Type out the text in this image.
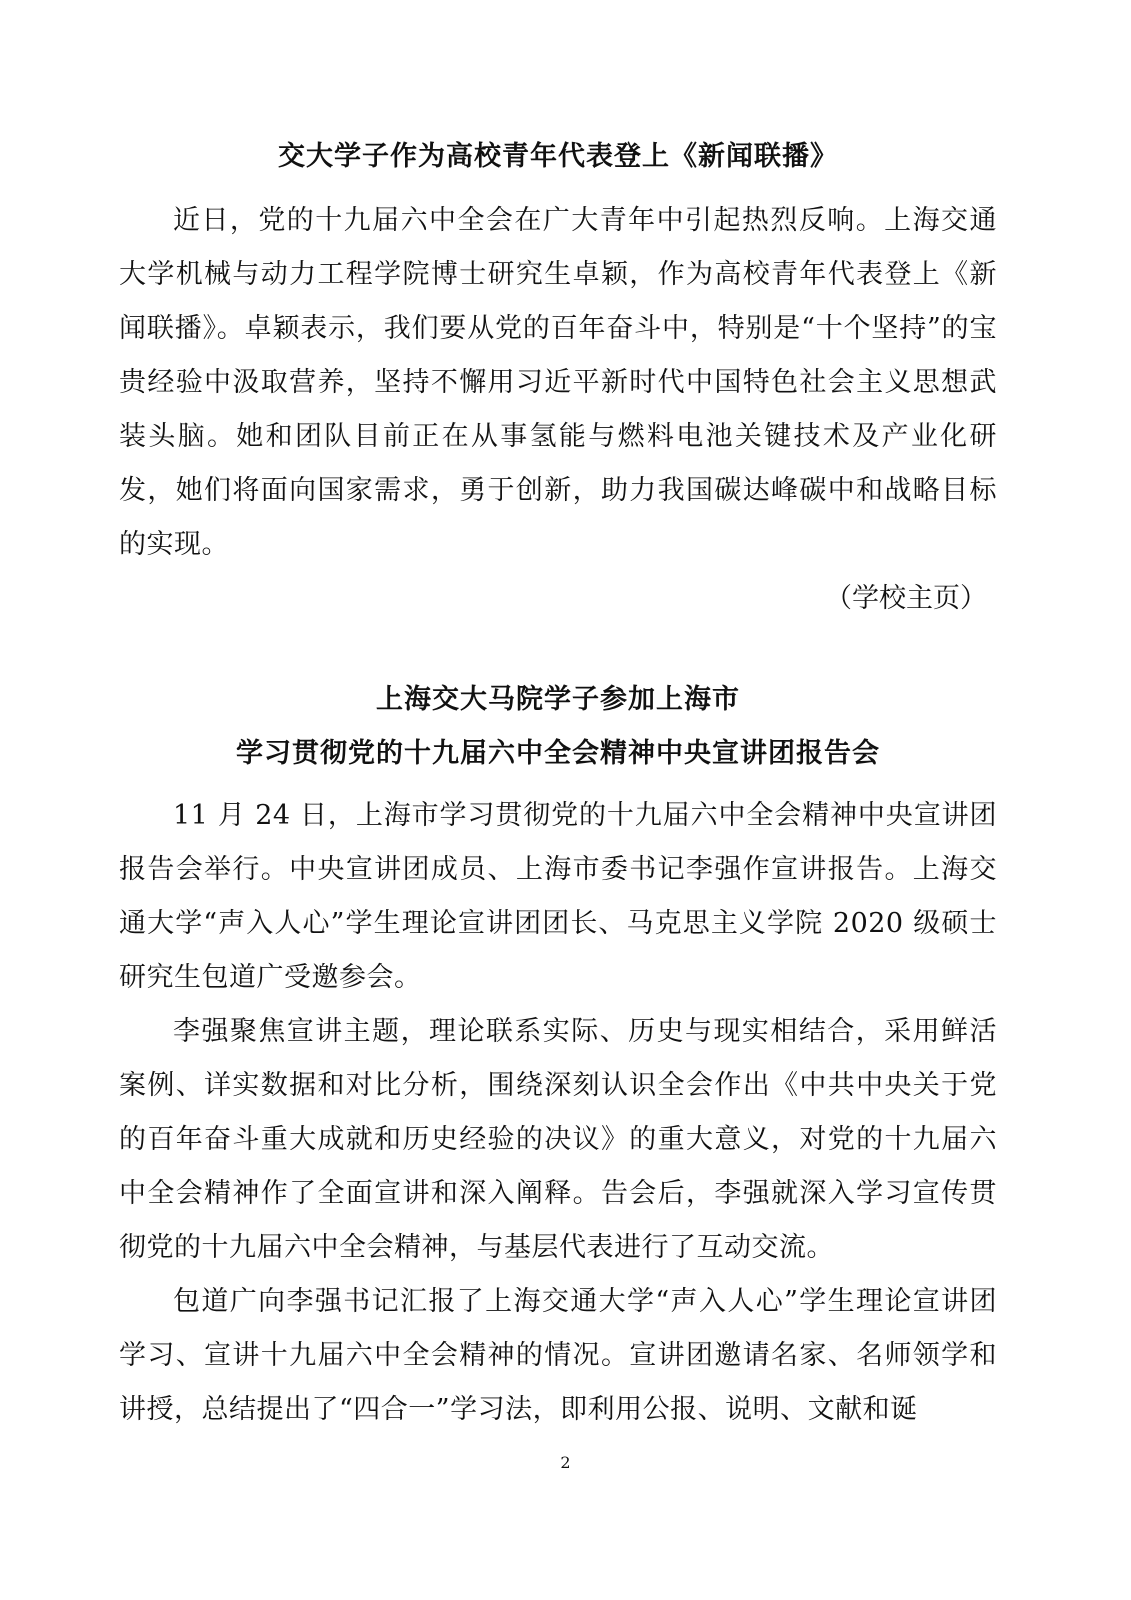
交大学子作为高校青年代表登上《新闻联播》

近日，党的十九届六中全会在广大青年中引起热烈反响。上海交通大学机械与动力工程学院博士研究生卓颖，作为高校青年代表登上《新闻联播》。卓颖表示，我们要从党的百年奋斗中，特别是“十个坚持”的宝贵经验中汲取营养，坚持不懈用习近平新时代中国特色社会主义思想武装头脑。她和团队目前正在从事氢能与燃料电池关键技术及产业化研发，她们将面向国家需求，勇于创新，助力我国碳达峰碳中和战略目标的实现。

（学校主页）

上海交大马院学子参加上海市
学习贯彻党的十九届六中全会精神中央宣讲团报告会

11 月 24 日，上海市学习贯彻党的十九届六中全会精神中央宣讲团报告会举行。中央宣讲团成员、上海市委书记李强作宣讲报告。上海交通大学“声入人心”学生理论宣讲团团长、马克思主义学院 2020 级硕士研究生包道广受邀参会。

李强聚焦宣讲主题，理论联系实际、历史与现实相结合，采用鲜活案例、详实数据和对比分析，围绕深刻认识全会作出《中共中央关于党的百年奋斗重大成就和历史经验的决议》的重大意义，对党的十九届六中全会精神作了全面宣讲和深入阐释。告会后，李强就深入学习宣传贯彻党的十九届六中全会精神，与基层代表进行了互动交流。

包道广向李强书记汇报了上海交通大学“声入人心”学生理论宣讲团学习、宣讲十九届六中全会精神的情况。宣讲团邀请名家、名师领学和讲授，总结提出了“四合一”学习法，即利用公报、说明、文献和诞

2
